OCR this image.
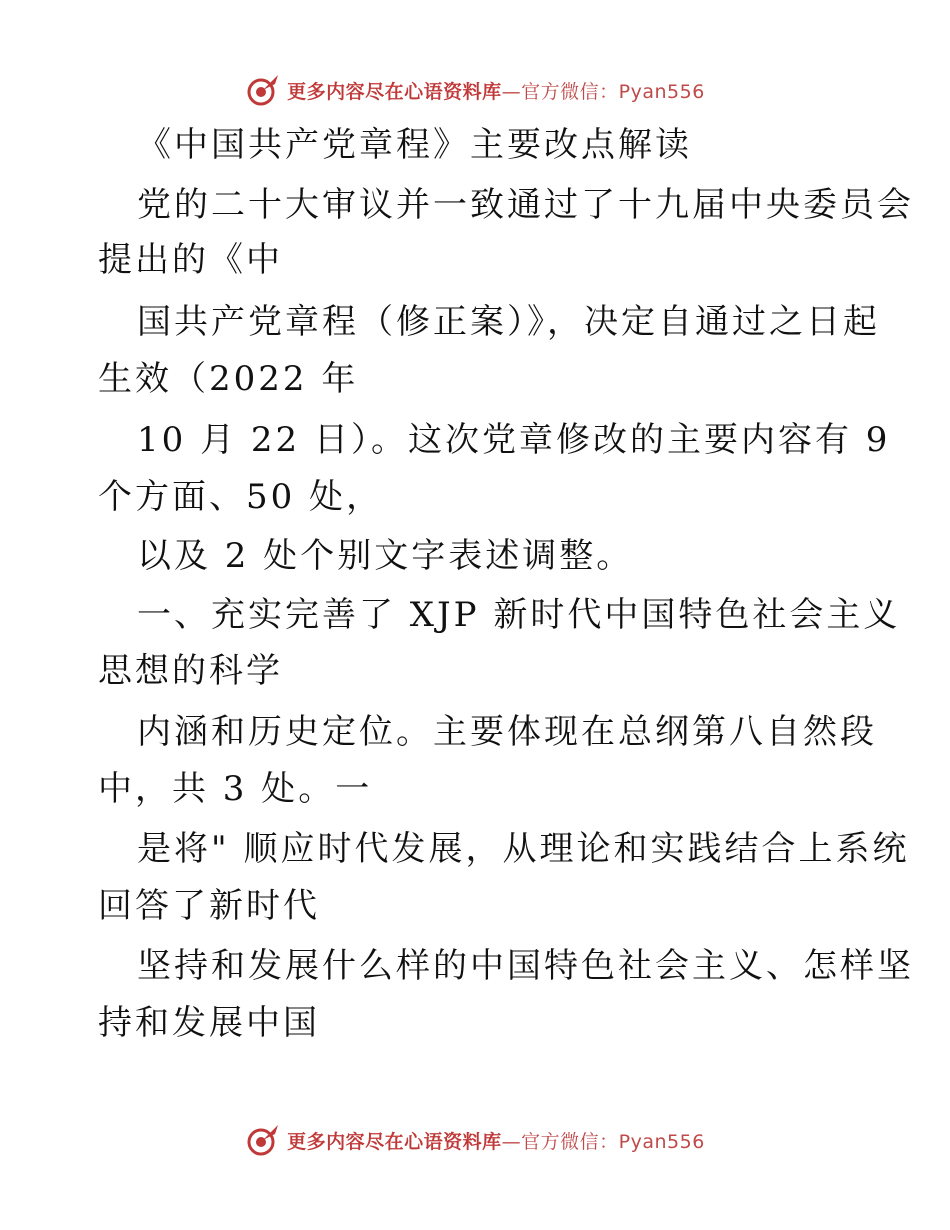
更多内容尽在心语资料库—官方微信：Pyan556
《中国共产党章程》主要改点解读
党的二十大审议并一致通过了十九届中央委员会
提出的《中
国共产党章程（修正案）》，决定自通过之日起
生效（2022 年
10 月 22 日）。这次党章修改的主要内容有 9
个方面、50 处，
以及 2 处个别文字表述调整。
一、充实完善了 XJP 新时代中国特色社会主义
思想的科学
内涵和历史定位。主要体现在总纲第八自然段
中，共 3 处。一
是将" 顺应时代发展，从理论和实践结合上系统
回答了新时代
坚持和发展什么样的中国特色社会主义、怎样坚
持和发展中国
更多内容尽在心语资料库—官方微信：Pyan556
